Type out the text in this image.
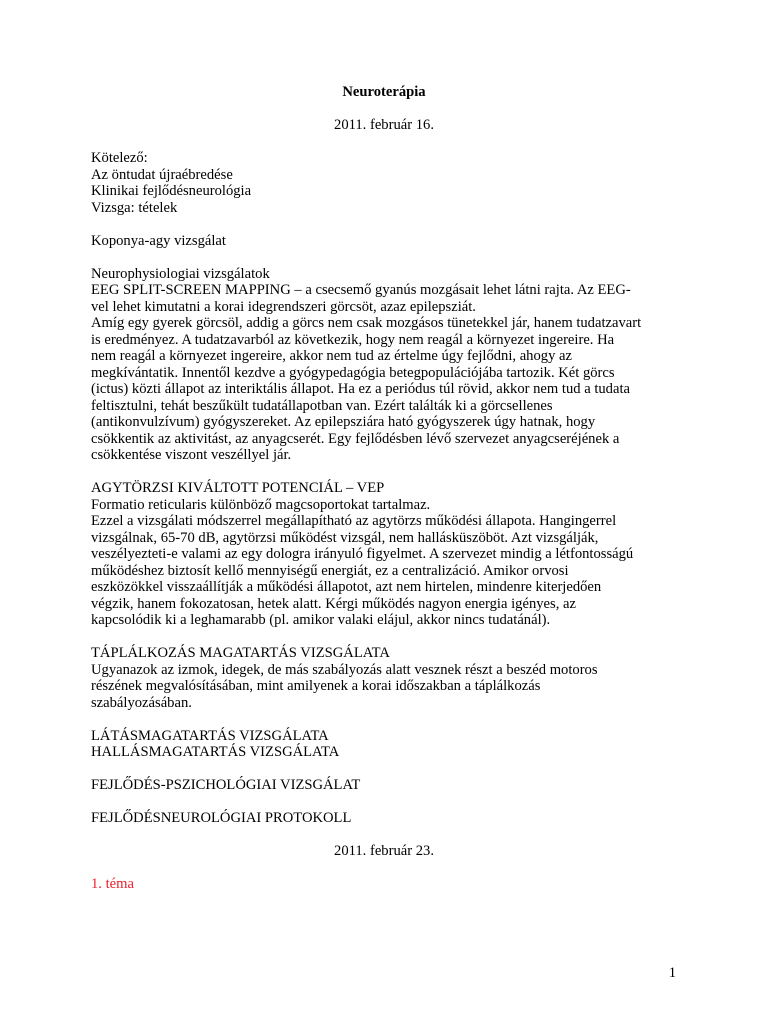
Neuroterápia
2011. február 16.
Kötelező:
Az öntudat újraébredése
Klinikai fejlődésneurológia
Vizsga: tételek
Koponya-agy vizsgálat
Neurophysiologiai vizsgálatok
EEG SPLIT-SCREEN MAPPING – a csecsemő gyanús mozgásait lehet látni rajta. Az EEG-
vel lehet kimutatni a korai idegrendszeri görcsöt, azaz epilepsziát.
Amíg egy gyerek görcsöl, addig a görcs nem csak mozgásos tünetekkel jár, hanem tudatzavart
is eredményez. A tudatzavarból az következik, hogy nem reagál a környezet ingereire. Ha
nem reagál a környezet ingereire, akkor nem tud az értelme úgy fejlődni, ahogy az
megkívántatik. Innentől kezdve a gyógypedagógia betegpopulációjába tartozik. Két görcs
(ictus) közti állapot az interiktális állapot. Ha ez a periódus túl rövid, akkor nem tud a tudata
feltisztulni, tehát beszűkült tudatállapotban van. Ezért találták ki a görcsellenes
(antikonvulzívum) gyógyszereket. Az epilepsziára ható gyógyszerek úgy hatnak, hogy
csökkentik az aktivitást, az anyagcserét. Egy fejlődésben lévő szervezet anyagcseréjének a
csökkentése viszont veszéllyel jár.
AGYTÖRZSI KIVÁLTOTT POTENCIÁL – VEP
Formatio reticularis különböző magcsoportokat tartalmaz.
Ezzel a vizsgálati módszerrel megállapítható az agytörzs működési állapota. Hangingerrel
vizsgálnak, 65-70 dB, agytörzsi működést vizsgál, nem hallásküszöböt. Azt vizsgálják,
veszélyezteti-e valami az egy dologra irányuló figyelmet. A szervezet mindig a létfontosságú
működéshez biztosít kellő mennyiségű energiát, ez a centralizáció. Amikor orvosi
eszközökkel visszaállítják a működési állapotot, azt nem hirtelen, mindenre kiterjedően
végzik, hanem fokozatosan, hetek alatt. Kérgi működés nagyon energia igényes, az
kapcsolódik ki a leghamarabb (pl. amikor valaki elájul, akkor nincs tudatánál).
TÁPLÁLKOZÁS MAGATARTÁS VIZSGÁLATA
Ugyanazok az izmok, idegek, de más szabályozás alatt vesznek részt a beszéd motoros
részének megvalósításában, mint amilyenek a korai időszakban a táplálkozás
szabályozásában.
LÁTÁSMAGATARTÁS VIZSGÁLATA
HALLÁSMAGATARTÁS VIZSGÁLATA
FEJLŐDÉS-PSZICHOLÓGIAI VIZSGÁLAT
FEJLŐDÉSNEUROLÓGIAI PROTOKOLL
2011. február 23.
1. téma
1
